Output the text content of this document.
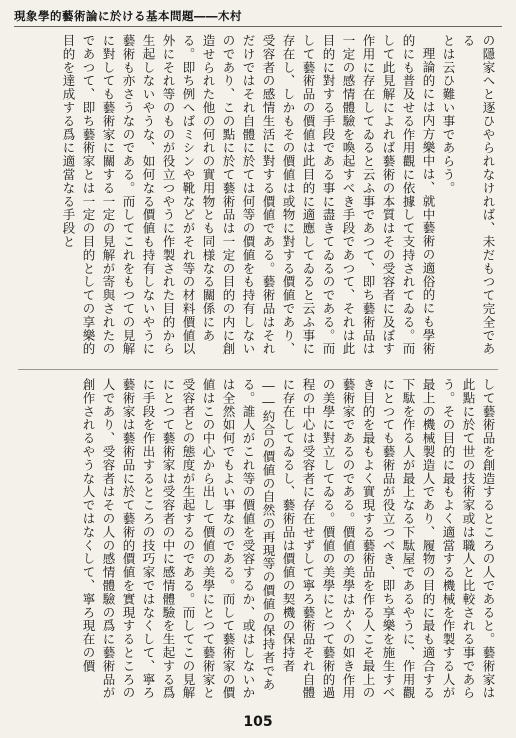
現象學的藝術論に於ける基本問題――木村

の隱家へと逐ひやられなければ、未だもつて完全である

とは云ひ難い事であらう。

理論的には内方樂中は、就中藝術の適俗的にも學術的にも普及せる作用觀に依據して支持されてゐる。而して此見解によれば藝術の本質はその受容者に及ぼす作用に存在してゐると云ふ事であつて、即ち藝術品は一定の感情體驗を喚起すべき手段であつて、それは此目的に對する手段である事に盡きてゐるのである。而して藝術品の價値は此目的に適應してゐると云ふ事に存在し、しかもその價値は或物に對する價値であり、受容者の感情生活に對する價値である。藝術品はそれだけではそれ自體に於ては何等の價値をも持有しないのであり、この點に於て藝術品は一定の目的の内に創造せられた他の何れの實用物とも同様なる關係にある。即ち例へばミシンや靴などがそれ等の材料價値以外にそれ等のものが役立つやうに作製された目的から生起しないやうな、如何なる價値も持有しないやうに藝術も亦さうなのである。而してこれをもつての見解に對しても藝術家に關する一定の見解が寄與されたのであつて、即ち藝術家とは一定の目的としての享樂的目的を達成する爲に適當なる手段と

して藝術品を創造するところの人であると。藝術家は此點に於て世の技術家或は職人と比較される事であらう。その目的に最もよく適當する機械を作製する人が最上の機械製造人であり、履物の目的に最も適合する下駄を作る人が最上なる下駄屋であるやうに、作用觀にとつても藝術品が役立つべき、即ち享樂を施生すべき目的を最もよく實現する藝術品を作る人こそ最上の藝術家であるのである。價値の美學はかくの如き作用の美學に對立してゐる。價値の美學にとつて藝術的過程の中心は受容者に存在せずして寧ろ藝術品それ自體に存在してゐるし、藝術品は價値の契機の保持者――約合の價値の自然の再現等の價値の保持者である。誰人がこれ等の價値を受容するか、或はしないかは全然如何でもよい事なのである。而して藝術家の價値はこの中心から出して價値の美學にとつて藝術家と受容者との態度が生起するのである。而してこの見解にとつて藝術家は受容者の中に感情體驗を生起する爲に手段を作出するところの技巧家ではなくして、寧ろ藝術家は藝術品に於て藝術的價値を實現するところの人であり、受容者はその人の感情體驗の爲に藝術品が創作されるやうな人ではなくして、寧ろ現在の價

105
